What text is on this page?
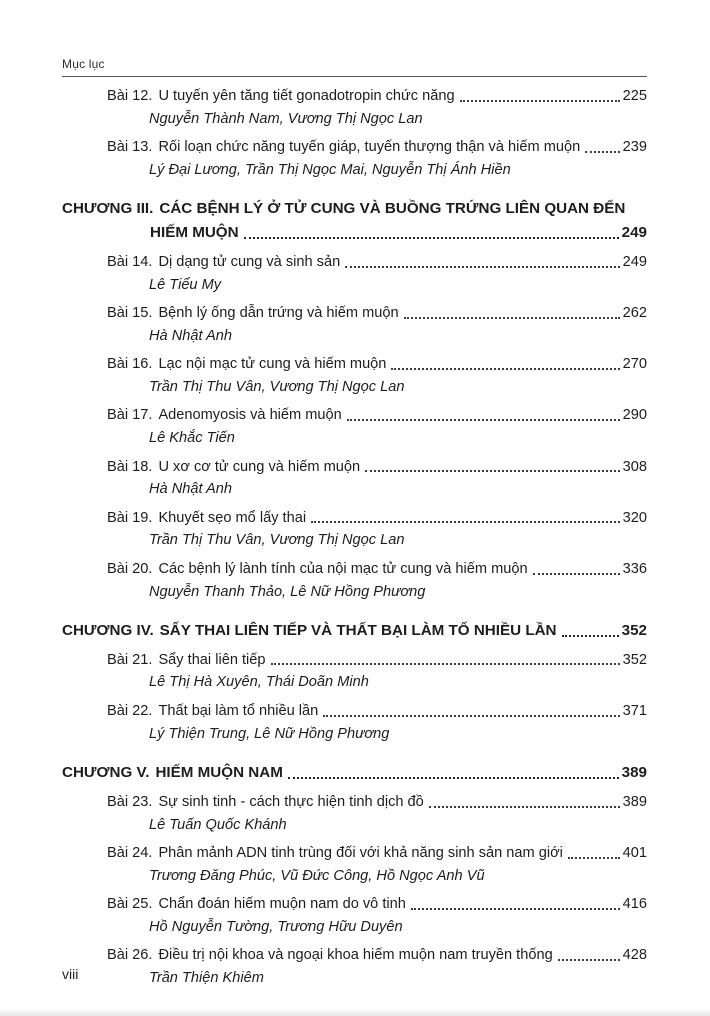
Mục lục
Bài 12. U tuyến yên tăng tiết gonadotropin chức năng	225
Nguyễn Thành Nam, Vương Thị Ngọc Lan
Bài 13. Rối loạn chức năng tuyến giáp, tuyến thượng thận và hiếm muộn	239
Lý Đại Lương, Trần Thị Ngọc Mai, Nguyễn Thị Ánh Hiền
CHƯƠNG III. CÁC BỆNH LÝ Ở TỬ CUNG VÀ BUỒNG TRỨNG LIÊN QUAN ĐẾN
HIẾM MUỘN	249
Bài 14. Dị dạng tử cung và sinh sản	249
Lê Tiểu My
Bài 15. Bệnh lý ống dẫn trứng và hiếm muộn	262
Hà Nhật Anh
Bài 16. Lạc nội mạc tử cung và hiếm muộn	270
Trần Thị Thu Vân, Vương Thị Ngọc Lan
Bài 17. Adenomyosis và hiếm muộn	290
Lê Khắc Tiến
Bài 18. U xơ cơ tử cung và hiếm muộn	308
Hà Nhật Anh
Bài 19. Khuyết sẹo mổ lấy thai	320
Trần Thị Thu Vân, Vương Thị Ngọc Lan
Bài 20. Các bệnh lý lành tính của nội mạc tử cung và hiếm muộn	336
Nguyễn Thanh Thảo, Lê Nữ Hồng Phương
CHƯƠNG IV. SẨY THAI LIÊN TIẾP VÀ THẤT BẠI LÀM TỔ NHIỀU LẦN	352
Bài 21. Sẩy thai liên tiếp	352
Lê Thị Hà Xuyên, Thái Doãn Minh
Bài 22. Thất bại làm tổ nhiều lần	371
Lý Thiện Trung, Lê Nữ Hồng Phương
CHƯƠNG V. HIẾM MUỘN NAM	389
Bài 23. Sự sinh tinh - cách thực hiện tinh dịch đồ	389
Lê Tuấn Quốc Khánh
Bài 24. Phân mảnh ADN tinh trùng đối với khả năng sinh sản nam giới	401
Trương Đăng Phúc, Vũ Đức Công, Hồ Ngọc Anh Vũ
Bài 25. Chẩn đoán hiếm muộn nam do vô tinh	416
Hồ Nguyễn Tường, Trương Hữu Duyên
Bài 26. Điều trị nội khoa và ngoại khoa hiếm muộn nam truyền thống	428
Trần Thiện Khiêm
viii
